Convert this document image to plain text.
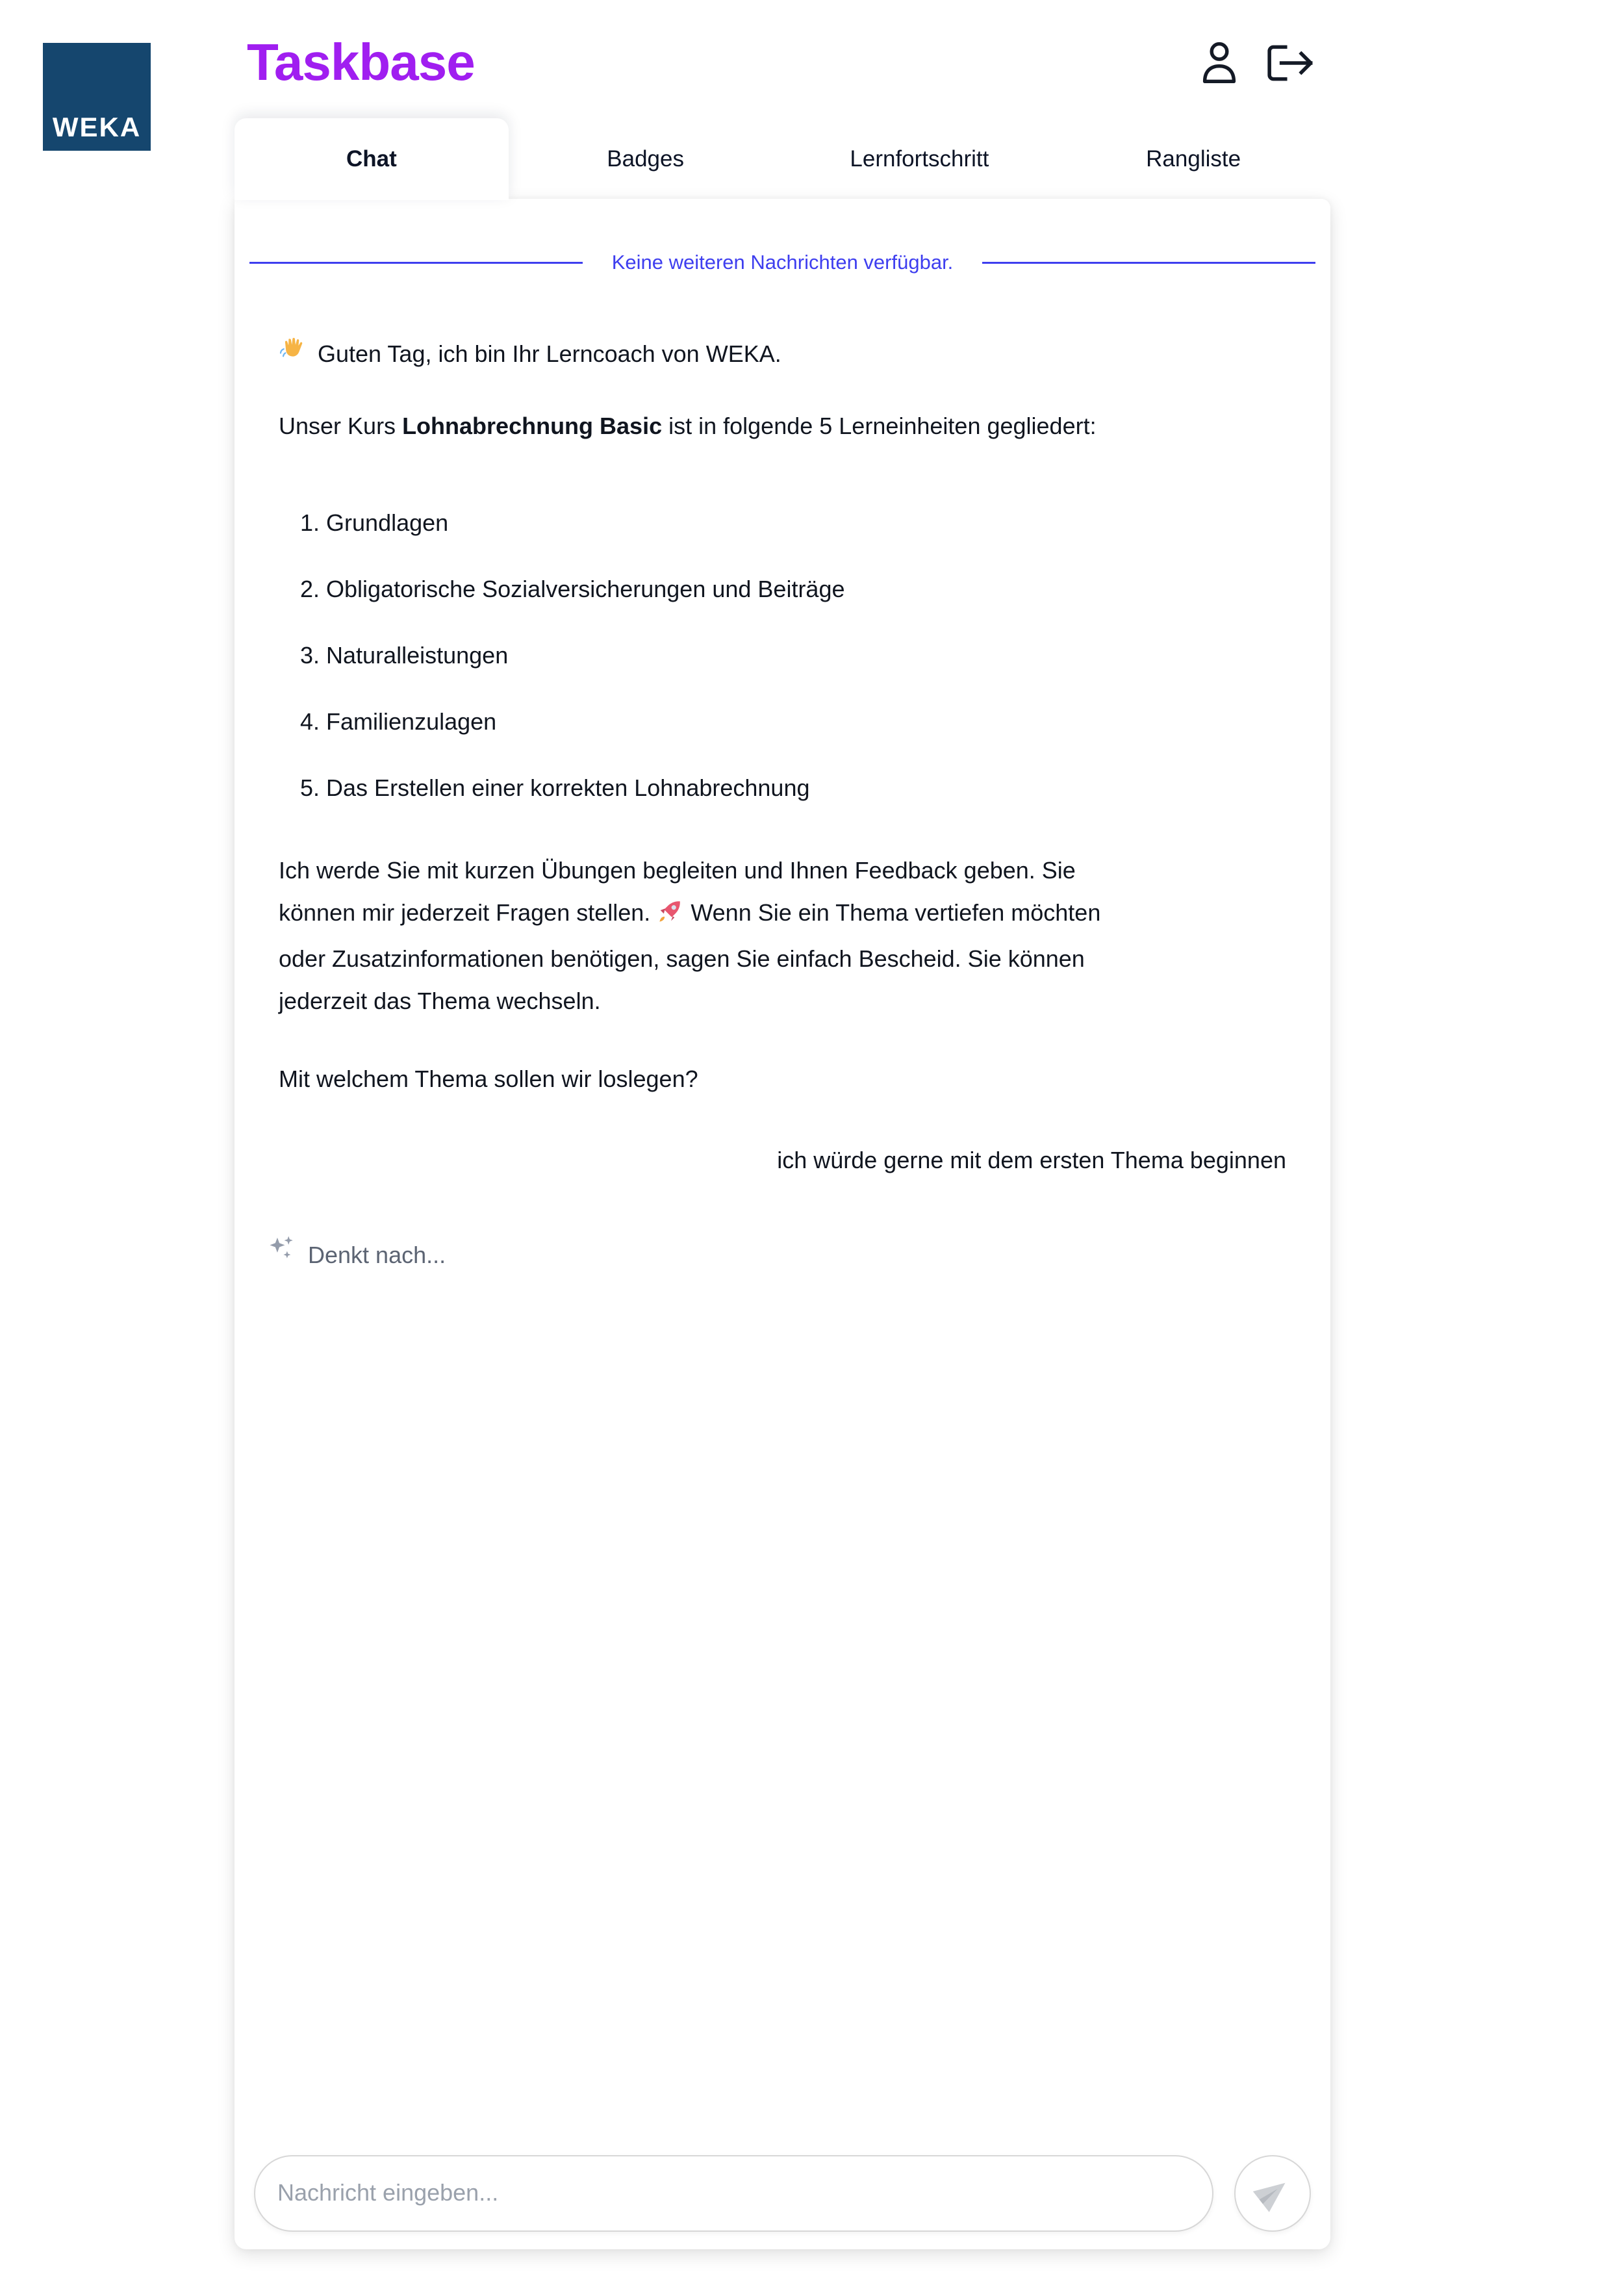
WEKA
Taskbase
Chat	Badges	Lernfortschritt	Rangliste
Keine weiteren Nachrichten verfügbar.
Guten Tag, ich bin Ihr Lerncoach von WEKA.
Unser Kurs Lohnabrechnung Basic ist in folgende 5 Lerneinheiten gegliedert:
1. Grundlagen
2. Obligatorische Sozialversicherungen und Beiträge
3. Naturalleistungen
4. Familienzulagen
5. Das Erstellen einer korrekten Lohnabrechnung
Ich werde Sie mit kurzen Übungen begleiten und Ihnen Feedback geben. Sie können mir jederzeit Fragen stellen. Wenn Sie ein Thema vertiefen möchten oder Zusatzinformationen benötigen, sagen Sie einfach Bescheid. Sie können jederzeit das Thema wechseln.
Mit welchem Thema sollen wir loslegen?
ich würde gerne mit dem ersten Thema beginnen
Denkt nach...
Nachricht eingeben...
